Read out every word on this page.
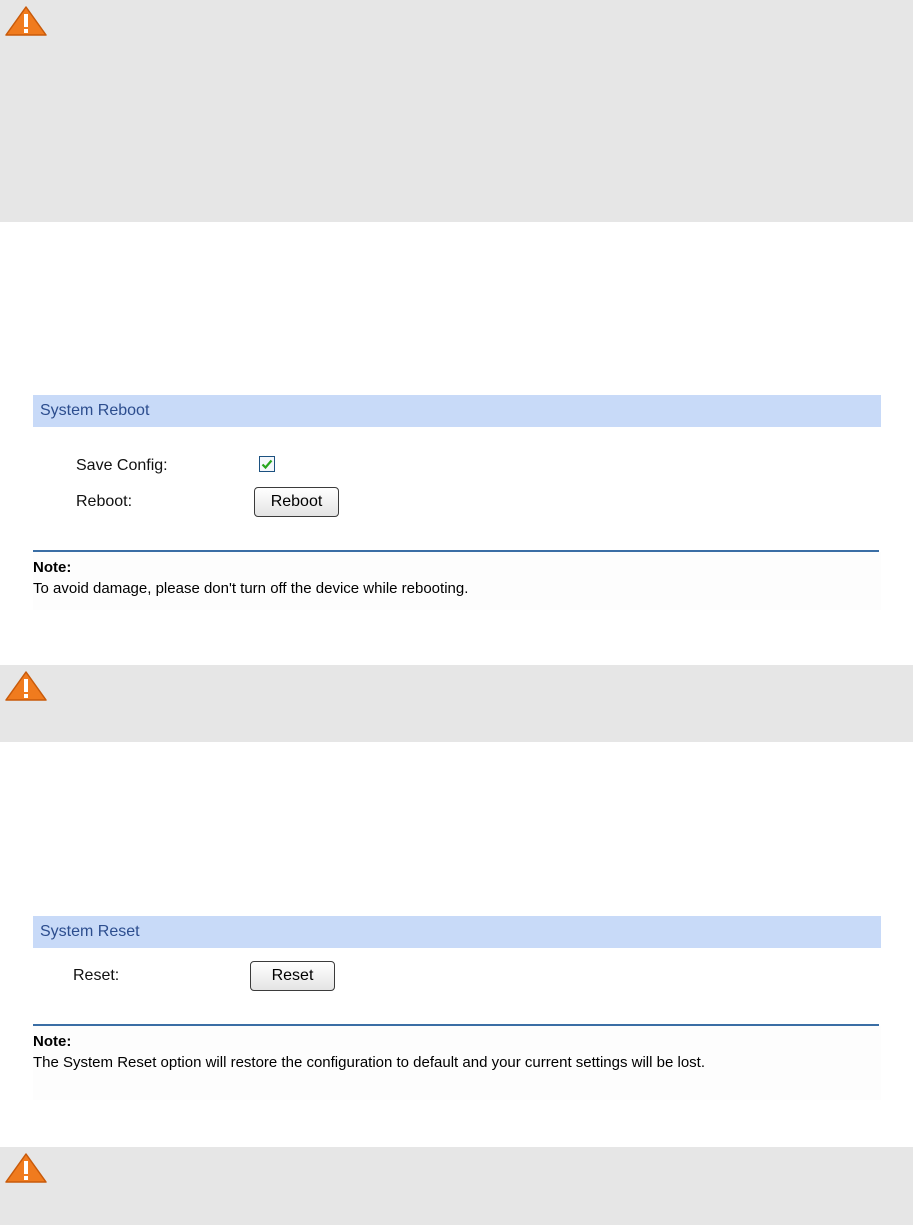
System Reboot
Save Config:
Reboot:	Reboot
Note:
To avoid damage, please don't turn off the device while rebooting.
System Reset
Reset:	Reset
Note:
The System Reset option will restore the configuration to default and your current settings will be lost.
